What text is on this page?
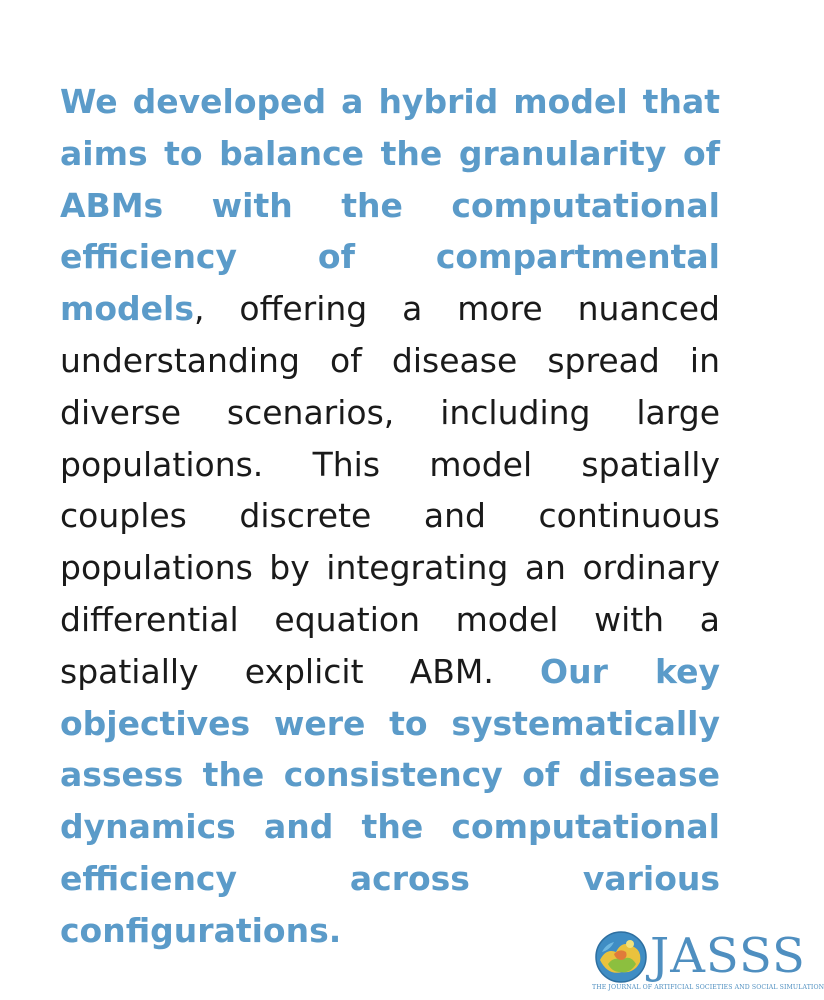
We developed a hybrid model that aims to balance the granularity of ABMs with the computational efficiency of compartmental models, offering a more nuanced understanding of disease spread in diverse scenarios, including large populations. This model spatially couples discrete and continuous populations by integrating an ordinary differential equation model with a spatially explicit ABM. Our key objectives were to systematically assess the consistency of disease dynamics and the computational efficiency across various configurations.	JASSS
THE JOURNAL OF ARTIFICIAL SOCIETIES AND SOCIAL SIMULATION
